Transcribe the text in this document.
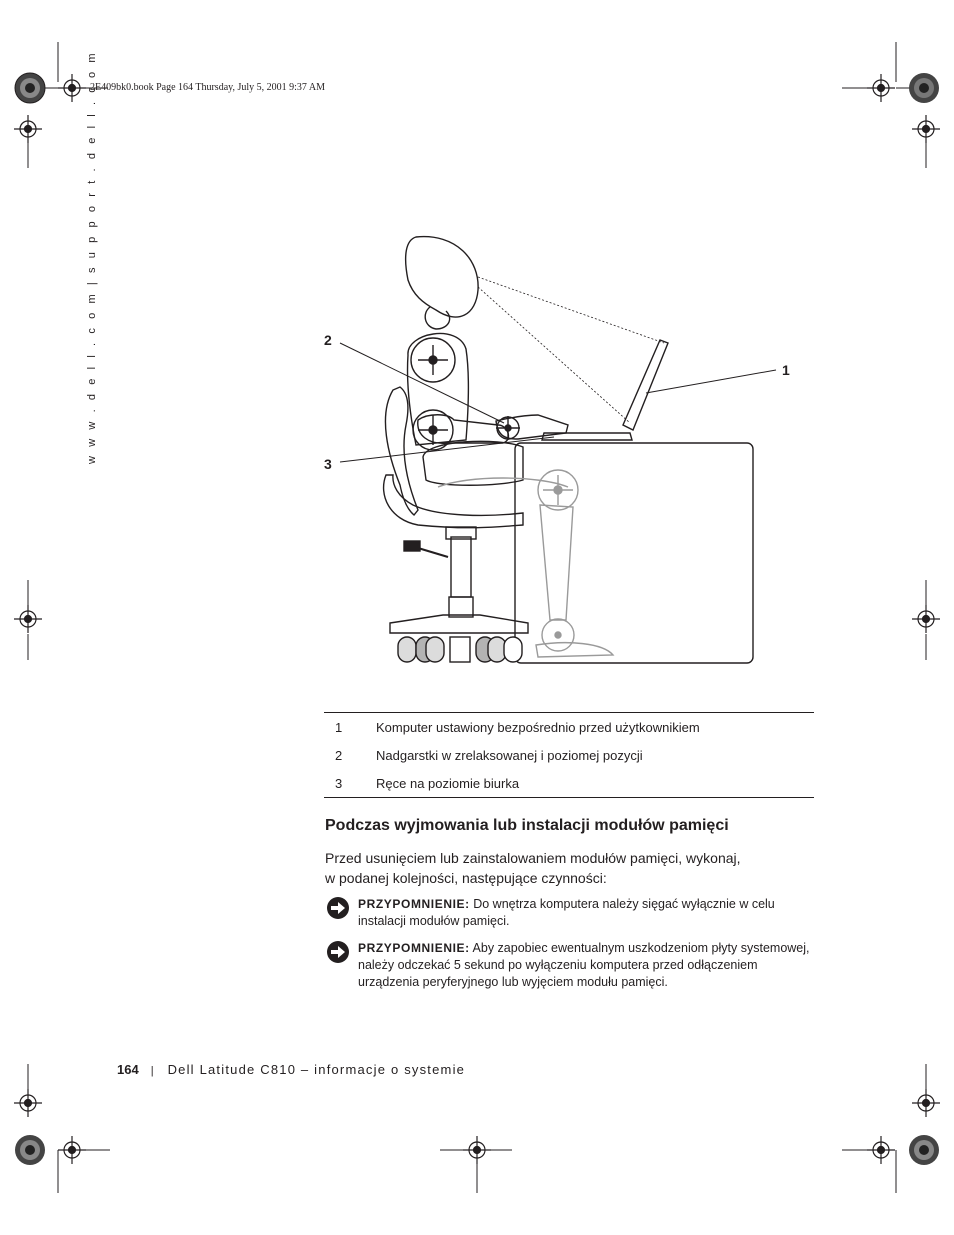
2E409bk0.book Page 164 Thursday, July 5, 2001 9:37 AM
w w w . d e l l . c o m | s u p p o r t . d e l l . c o m	2
3
1
1	Komputer ustawiony bezpośrednio przed użytkownikiem
2	Nadgarstki w zrelaksowanej i poziomej pozycji
3	Ręce na poziomie biurka
Podczas wyjmowania lub instalacji modułów pamięci

Przed usunięciem lub zainstalowaniem modułów pamięci, wykonaj,
w podanej kolejności, następujące czynności:

PRZYPOMNIENIE: Do wnętrza komputera należy sięgać wyłącznie w celu instalacji modułów pamięci.

PRZYPOMNIENIE: Aby zapobiec ewentualnym uszkodzeniom płyty systemowej, należy odczekać 5 sekund po wyłączeniu komputera przed odłączeniem urządzenia peryferyjnego lub wyjęciem modułu pamięci.

164 | Dell Latitude C810 – informacje o systemie
